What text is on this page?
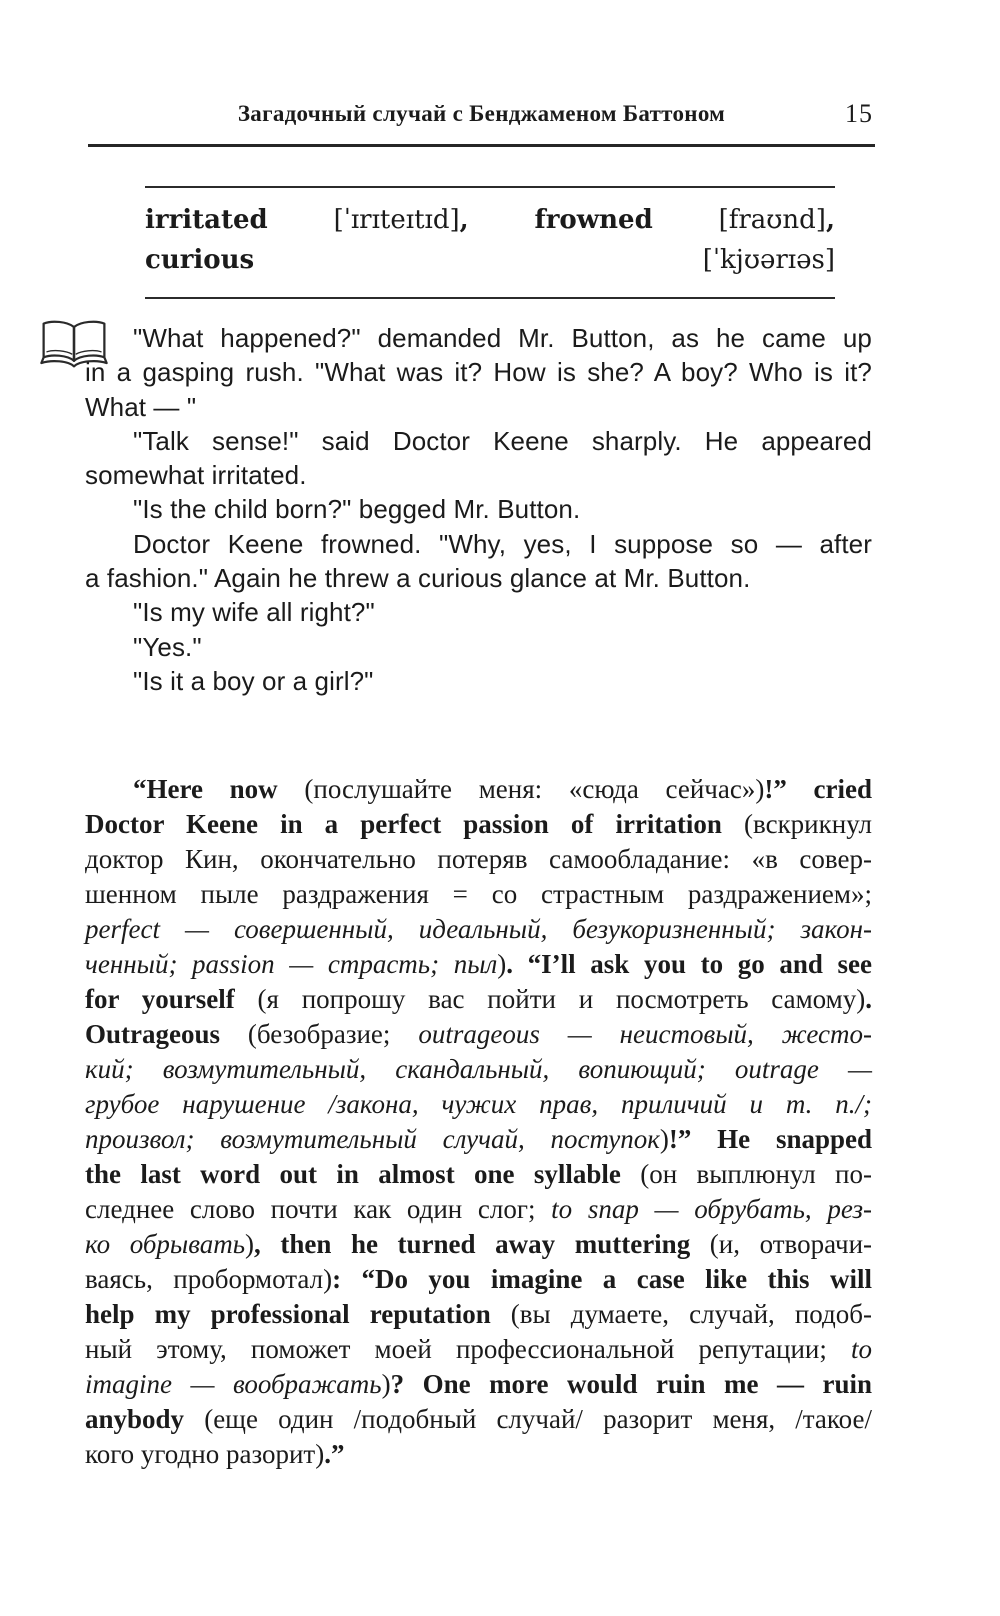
Загадочный случай с Бенджаменом Баттоном	15
irritated [ˈɪrɪteɪtɪd], frowned [fraʊnd],
curious [ˈkjʊərɪəs]
"What happened?" demanded Mr. Button, as he came up
in a gasping rush. "What was it? How is she? A boy? Who is it?
What — "
"Talk sense!" said Doctor Keene sharply. He appeared
somewhat irritated.
"Is the child born?" begged Mr. Button.
Doctor Keene frowned. "Why, yes, I suppose so — after
a fashion." Again he threw a curious glance at Mr. Button.
"Is my wife all right?"
"Yes."
"Is it a boy or a girl?"
“Here now (послушайте меня: «сюда сейчас»)!” cried
Doctor Keene in a perfect passion of irritation (вскрикнул
доктор Кин, окончательно потеряв самообладание: «в совер-
шенном пыле раздражения = со страстным раздражением»;
perfect — совершенный, идеальный, безукоризненный; закон-
ченный; passion — страсть; пыл). “I’ll ask you to go and see
for yourself (я попрошу вас пойти и посмотреть самому).
Outrageous (безобразие; outrageous — неистовый, жесто-
кий; возмутительный, скандальный, вопиющий; outrage —
грубое нарушение /закона, чужих прав, приличий и т. п./;
произвол; возмутительный случай, поступок)!” He snapped
the last word out in almost one syllable (он выплюнул по-
следнее слово почти как один слог; to snap — обрубать, рез-
ко обрывать), then he turned away muttering (и, отворачи-
ваясь, пробормотал): “Do you imagine a case like this will
help my professional reputation (вы думаете, случай, подоб-
ный этому, поможет моей профессиональной репутации; to
imagine — воображать)? One more would ruin me — ruin
anybody (еще один /подобный случай/ разорит меня, /такое/
кого угодно разорит).”
